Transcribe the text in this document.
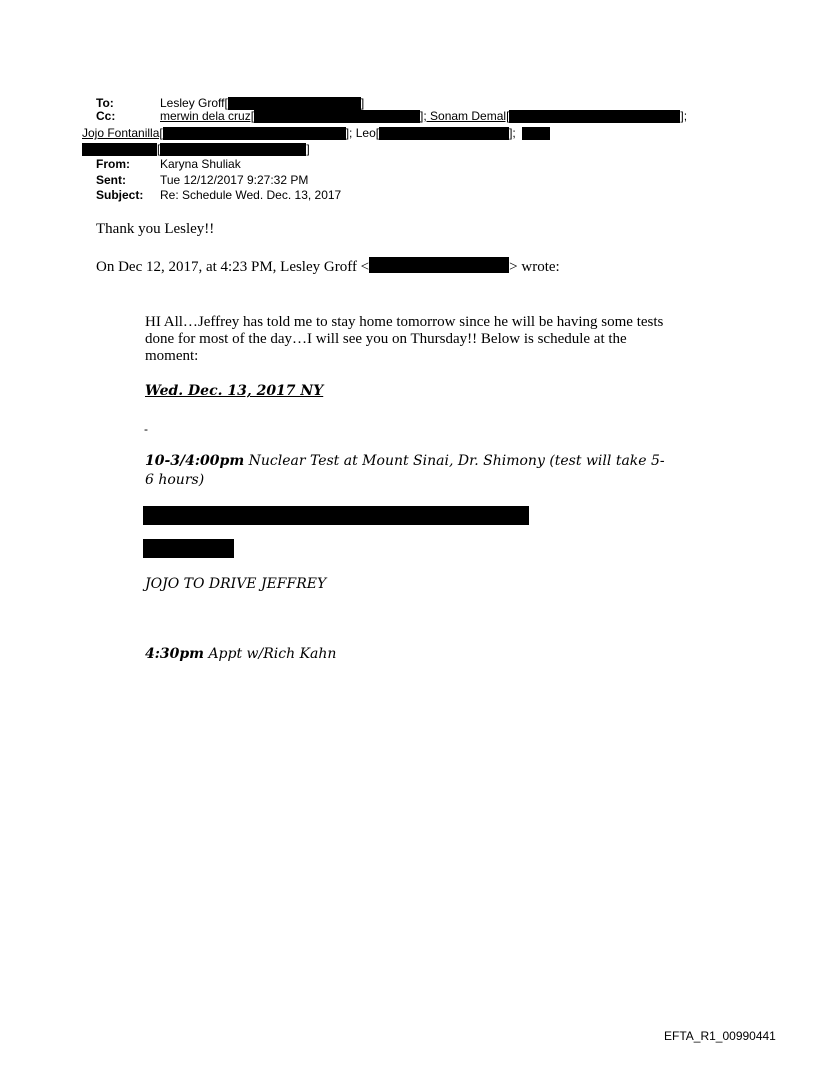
To:	Lesley Groff[	]
Cc:	merwin dela cruz[	]; Sonam Demal[	];
Jojo Fontanilla[	]; Leo[	];
[	]
From:	Karyna Shuliak
Sent:	Tue 12/12/2017 9:27:32 PM
Subject: Re: Schedule Wed. Dec. 13, 2017
Thank you Lesley!!
On Dec 12, 2017, at 4:23 PM, Lesley Groff <	> wrote:
HI All…Jeffrey has told me to stay home tomorrow since he will be having some tests done for most of the day…I will see you on Thursday!! Below is schedule at the moment:
Wed. Dec. 13, 2017 NY
-
10-3/4:00pm Nuclear Test at Mount Sinai, Dr. Shimony (test will take 5-6 hours)
JOJO TO DRIVE JEFFREY
4:30pm Appt w/Rich Kahn
EFTA_R1_00990441
